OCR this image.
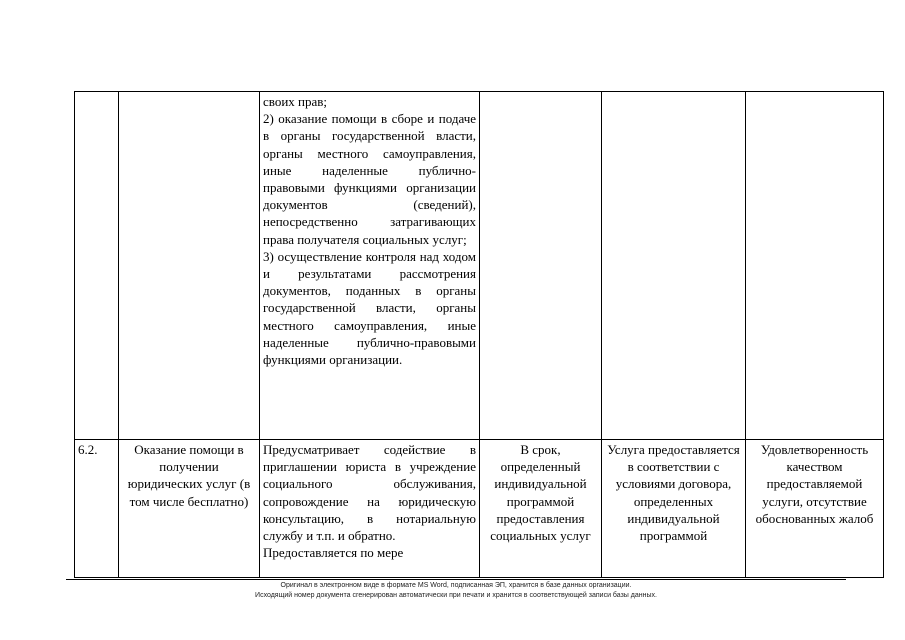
		своих прав;
2) оказание помощи в сборе и подаче в органы государственной власти, органы местного самоуправления, иные наделенные публично-правовыми функциями организации документов (сведений), непосредственно затрагивающих права получателя социальных услуг;
3) осуществление контроля над ходом и результатами рассмотрения документов, поданных в органы государственной власти, органы местного самоуправления, иные наделенные публично-правовыми функциями организации.			

6.2.	Оказание помощи в получении юридических услуг (в том числе бесплатно)	Предусматривает содействие в приглашении юриста в учреждение социального обслуживания, сопровождение на юридическую консультацию, в нотариальную службу и т.п. и обратно.
Предоставляется по мере	В срок, определенный индивидуальной программой предоставления социальных услуг	Услуга предоставляется в соответствии с условиями договора, определенных индивидуальной программой	Удовлетворенность качеством предоставляемой услуги, отсутствие обоснованных жалоб
Оригинал в электронном виде в формате MS Word, подписанная ЭП, хранится в базе данных организации.
Исходящий номер документа сгенерирован автоматически при печати и хранится в соответствующей записи базы данных.
